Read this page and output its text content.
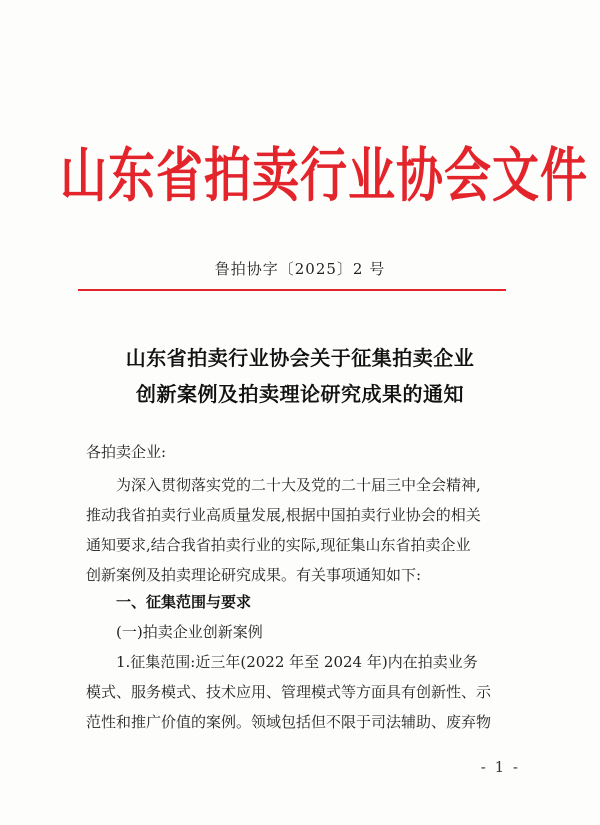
山东省拍卖行业协会文件
鲁拍协字〔2025〕2 号
山东省拍卖行业协会关于征集拍卖企业
创新案例及拍卖理论研究成果的通知
各拍卖企业:
为深入贯彻落实党的二十大及党的二十届三中全会精神,
推动我省拍卖行业高质量发展,根据中国拍卖行业协会的相关
通知要求,结合我省拍卖行业的实际,现征集山东省拍卖企业
创新案例及拍卖理论研究成果。有关事项通知如下:
一、征集范围与要求
(一)拍卖企业创新案例
1.征集范围:近三年(2022 年至 2024 年)内在拍卖业务
模式、服务模式、技术应用、管理模式等方面具有创新性、示
范性和推广价值的案例。领域包括但不限于司法辅助、废弃物
- 1 -
